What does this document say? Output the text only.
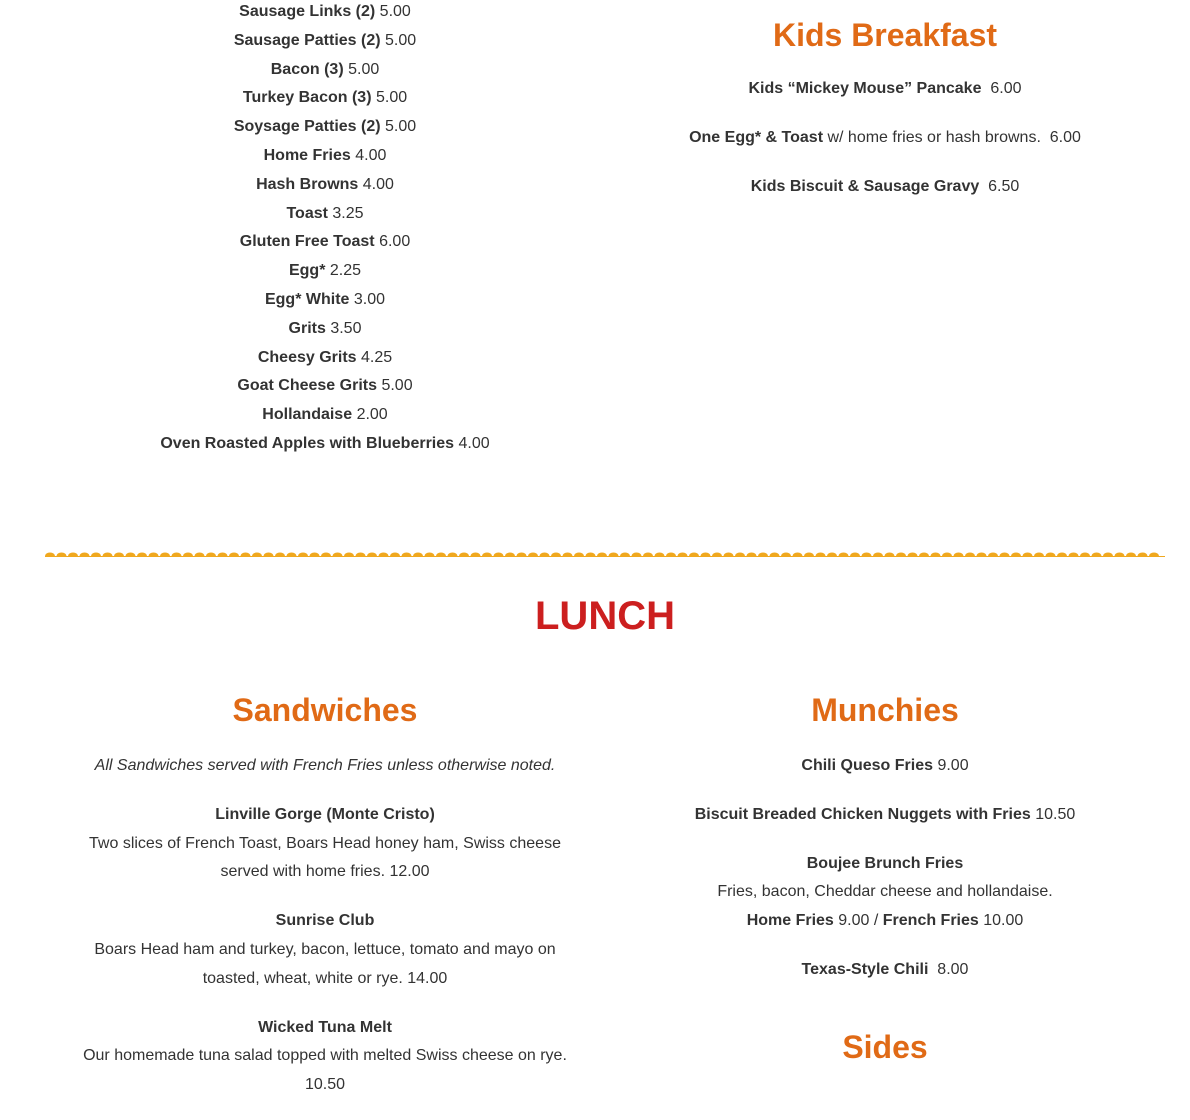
Sausage Links (2) 5.00
Sausage Patties (2) 5.00
Bacon (3) 5.00
Turkey Bacon (3) 5.00
Soysage Patties (2) 5.00
Home Fries 4.00
Hash Browns 4.00
Toast 3.25
Gluten Free Toast 6.00
Egg* 2.25
Egg* White 3.00
Grits 3.50
Cheesy Grits 4.25
Goat Cheese Grits 5.00
Hollandaise 2.00
Oven Roasted Apples with Blueberries 4.00
Kids Breakfast
Kids “Mickey Mouse” Pancake 6.00
One Egg* & Toast w/ home fries or hash browns. 6.00
Kids Biscuit & Sausage Gravy 6.50
LUNCH
Sandwiches
All Sandwiches served with French Fries unless otherwise noted.
Linville Gorge (Monte Cristo)
Two slices of French Toast, Boars Head honey ham, Swiss cheese served with home fries. 12.00
Sunrise Club
Boars Head ham and turkey, bacon, lettuce, tomato and mayo on toasted, wheat, white or rye. 14.00
Wicked Tuna Melt
Our homemade tuna salad topped with melted Swiss cheese on rye. 10.50
Munchies
Chili Queso Fries 9.00
Biscuit Breaded Chicken Nuggets with Fries 10.50
Boujee Brunch Fries
Fries, bacon, Cheddar cheese and hollandaise.
Home Fries 9.00 / French Fries 10.00
Texas-Style Chili 8.00
Sides
